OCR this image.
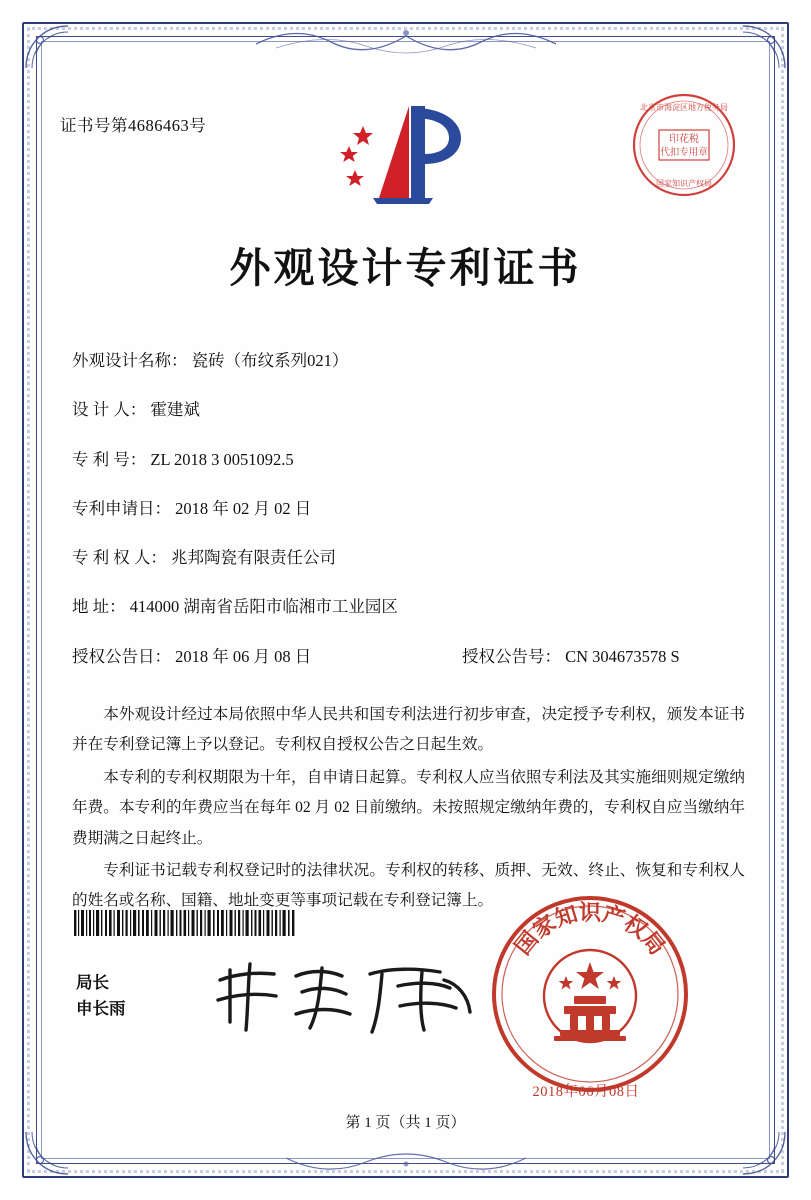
证书号第4686463号
印花税
代扣专用章
北京市海淀区地方税务局
国家知识产权局
外观设计专利证书
外观设计名称： 瓷砖（布纹系列021）
设 计 人： 霍建斌
专 利 号： ZL 2018 3 0051092.5
专利申请日： 2018 年 02 月 02 日
专 利 权 人： 兆邦陶瓷有限责任公司
地 址： 414000 湖南省岳阳市临湘市工业园区
授权公告日： 2018 年 06 月 08 日	授权公告号： CN 304673578 S

本外观设计经过本局依照中华人民共和国专利法进行初步审查，决定授予专利权，颁发本证书并在专利登记簿上予以登记。专利权自授权公告之日起生效。

本专利的专利权期限为十年，自申请日起算。专利权人应当依照专利法及其实施细则规定缴纳年费。本专利的年费应当在每年 02 月 02 日前缴纳。未按照规定缴纳年费的，专利权自应当缴纳年费期满之日起终止。

专利证书记载专利权登记时的法律状况。专利权的转移、质押、无效、终止、恢复和专利权人的姓名或名称、国籍、地址变更等事项记载在专利登记簿上。

局长
申长雨
国家知识产权局
2018年06月08日
第 1 页（共 1 页）
